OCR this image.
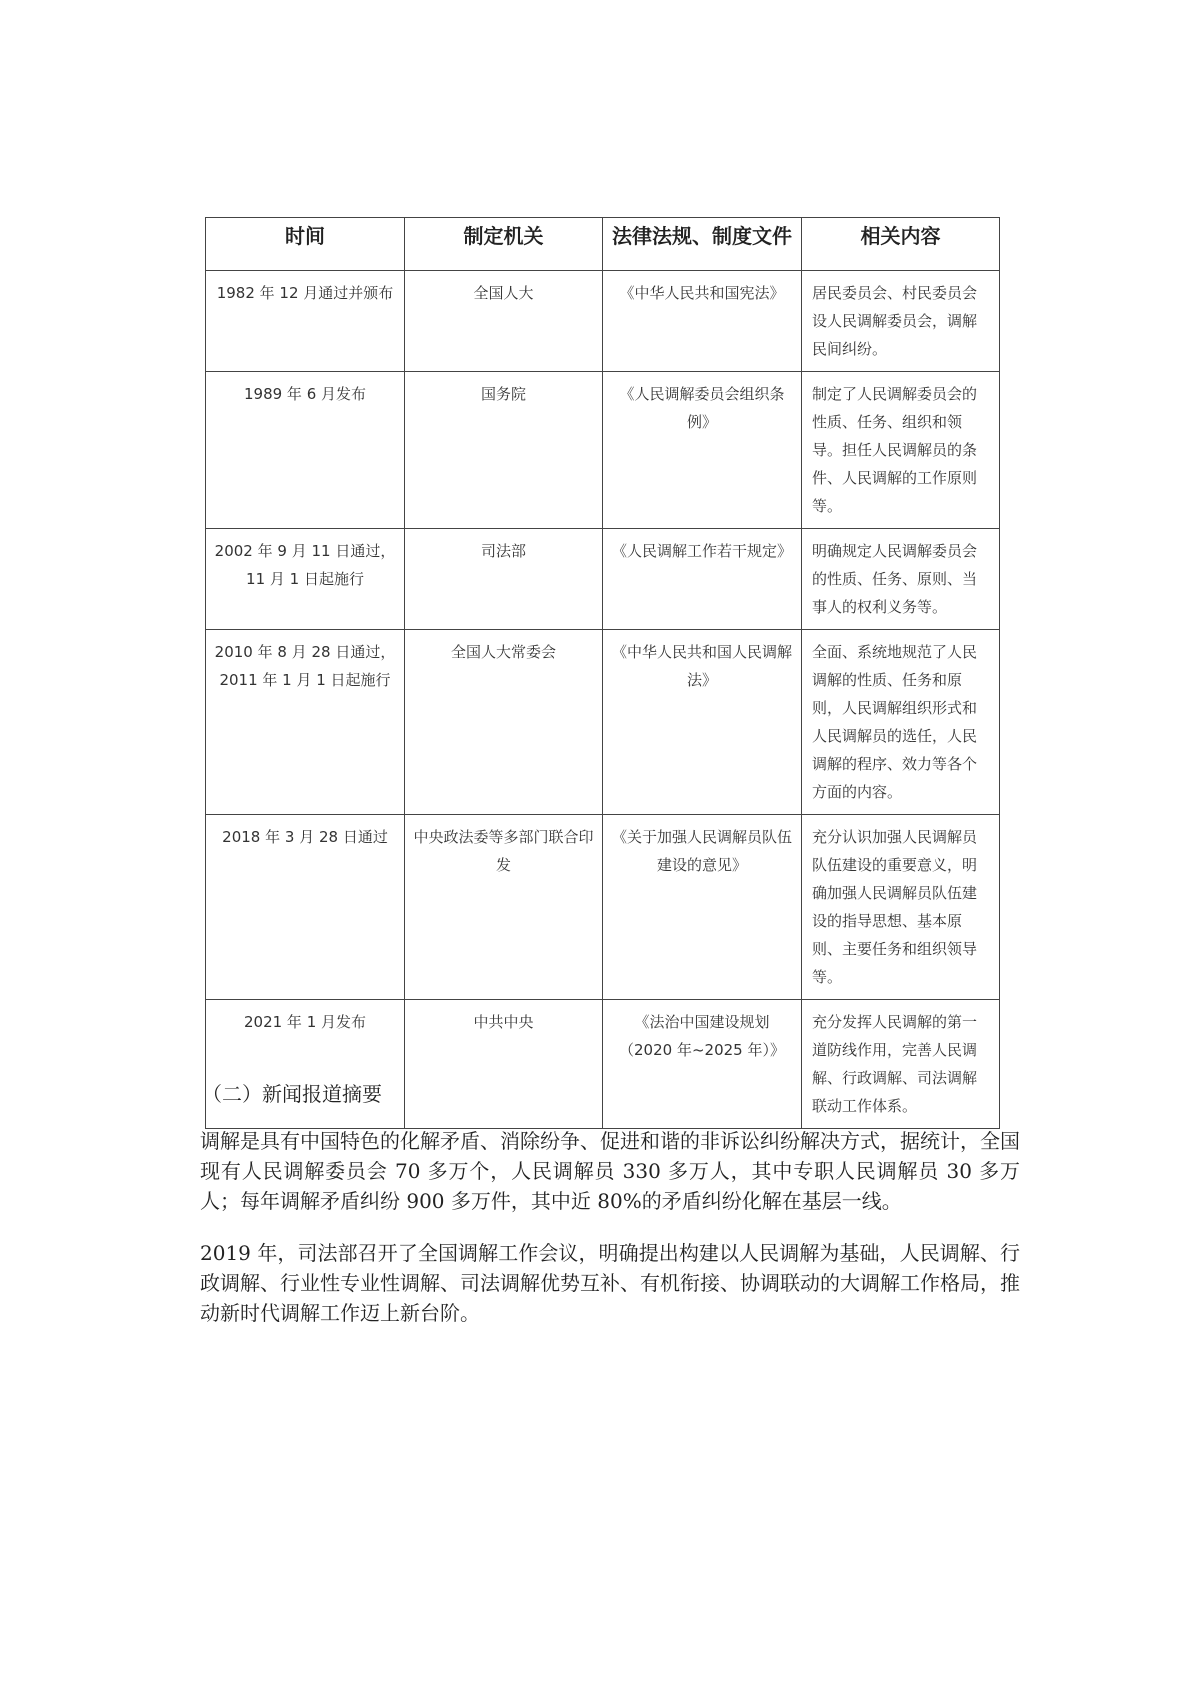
时间	制定机关	法律法规、制度文件	相关内容
1982 年 12 月通过并颁布	全国人大	《中华人民共和国宪法》	居民委员会、村民委员会设人民调解委员会，调解民间纠纷。
1989 年 6 月发布	国务院	《人民调解委员会组织条例》	制定了人民调解委员会的性质、任务、组织和领导。担任人民调解员的条件、人民调解的工作原则等。
2002 年 9 月 11 日通过，11 月 1 日起施行	司法部	《人民调解工作若干规定》	明确规定人民调解委员会的性质、任务、原则、当事人的权利义务等。
2010 年 8 月 28 日通过，2011 年 1 月 1 日起施行	全国人大常委会	《中华人民共和国人民调解法》	全面、系统地规范了人民调解的性质、任务和原则，人民调解组织形式和人民调解员的选任，人民调解的程序、效力等各个方面的内容。
2018 年 3 月 28 日通过	中央政法委等多部门联合印发	《关于加强人民调解员队伍建设的意见》	充分认识加强人民调解员队伍建设的重要意义，明确加强人民调解员队伍建设的指导思想、基本原则、主要任务和组织领导等。
2021 年 1 月发布	中共中央	《法治中国建设规划（2020 年~2025 年）》	充分发挥人民调解的第一道防线作用，完善人民调解、行政调解、司法调解联动工作体系。
（二）新闻报道摘要

调解是具有中国特色的化解矛盾、消除纷争、促进和谐的非诉讼纠纷解决方式，据统计，全国现有人民调解委员会 70 多万个，人民调解员 330 多万人，其中专职人民调解员 30 多万人；每年调解矛盾纠纷 900 多万件，其中近 80%的矛盾纠纷化解在基层一线。

2019 年，司法部召开了全国调解工作会议，明确提出构建以人民调解为基础，人民调解、行政调解、行业性专业性调解、司法调解优势互补、有机衔接、协调联动的大调解工作格局，推动新时代调解工作迈上新台阶。
